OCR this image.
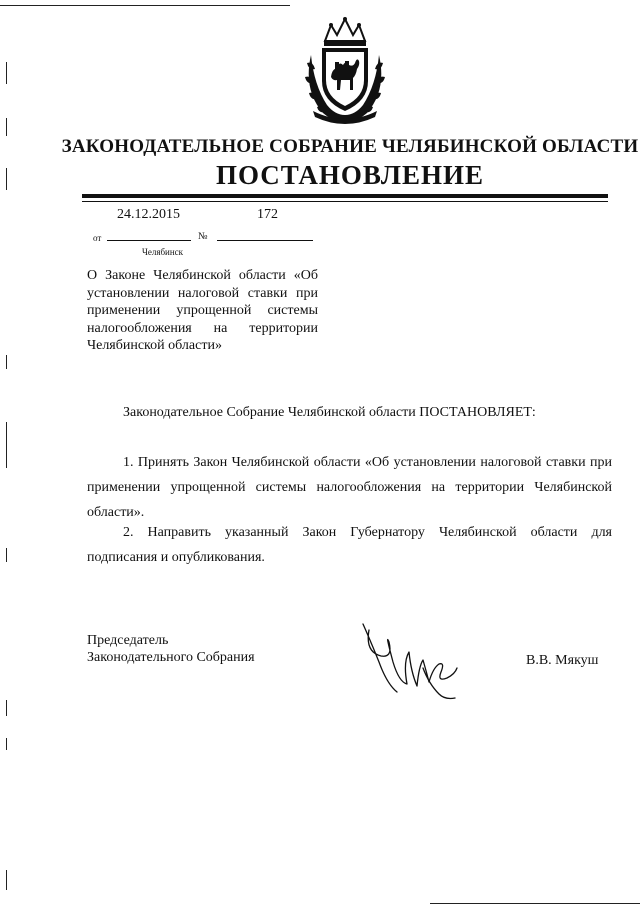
ЗАКОНОДАТЕЛЬНОЕ СОБРАНИЕ ЧЕЛЯБИНСКОЙ ОБЛАСТИ
ПОСТАНОВЛЕНИЕ
24.12.2015	172
от	№
Челябинск
О Законе Челябинской области «Об установлении налоговой ставки при применении упрощенной системы налогообложения на территории Челябинской области»
Законодательное Собрание Челябинской области ПОСТАНОВЛЯЕТ:
1. Принять Закон Челябинской области «Об установлении налоговой ставки при применении упрощенной системы налогообложения на территории Челябинской области».
2. Направить указанный Закон Губернатору Челябинской области для подписания и опубликования.
Председатель
Законодательного Собрания	В.В. Мякуш
